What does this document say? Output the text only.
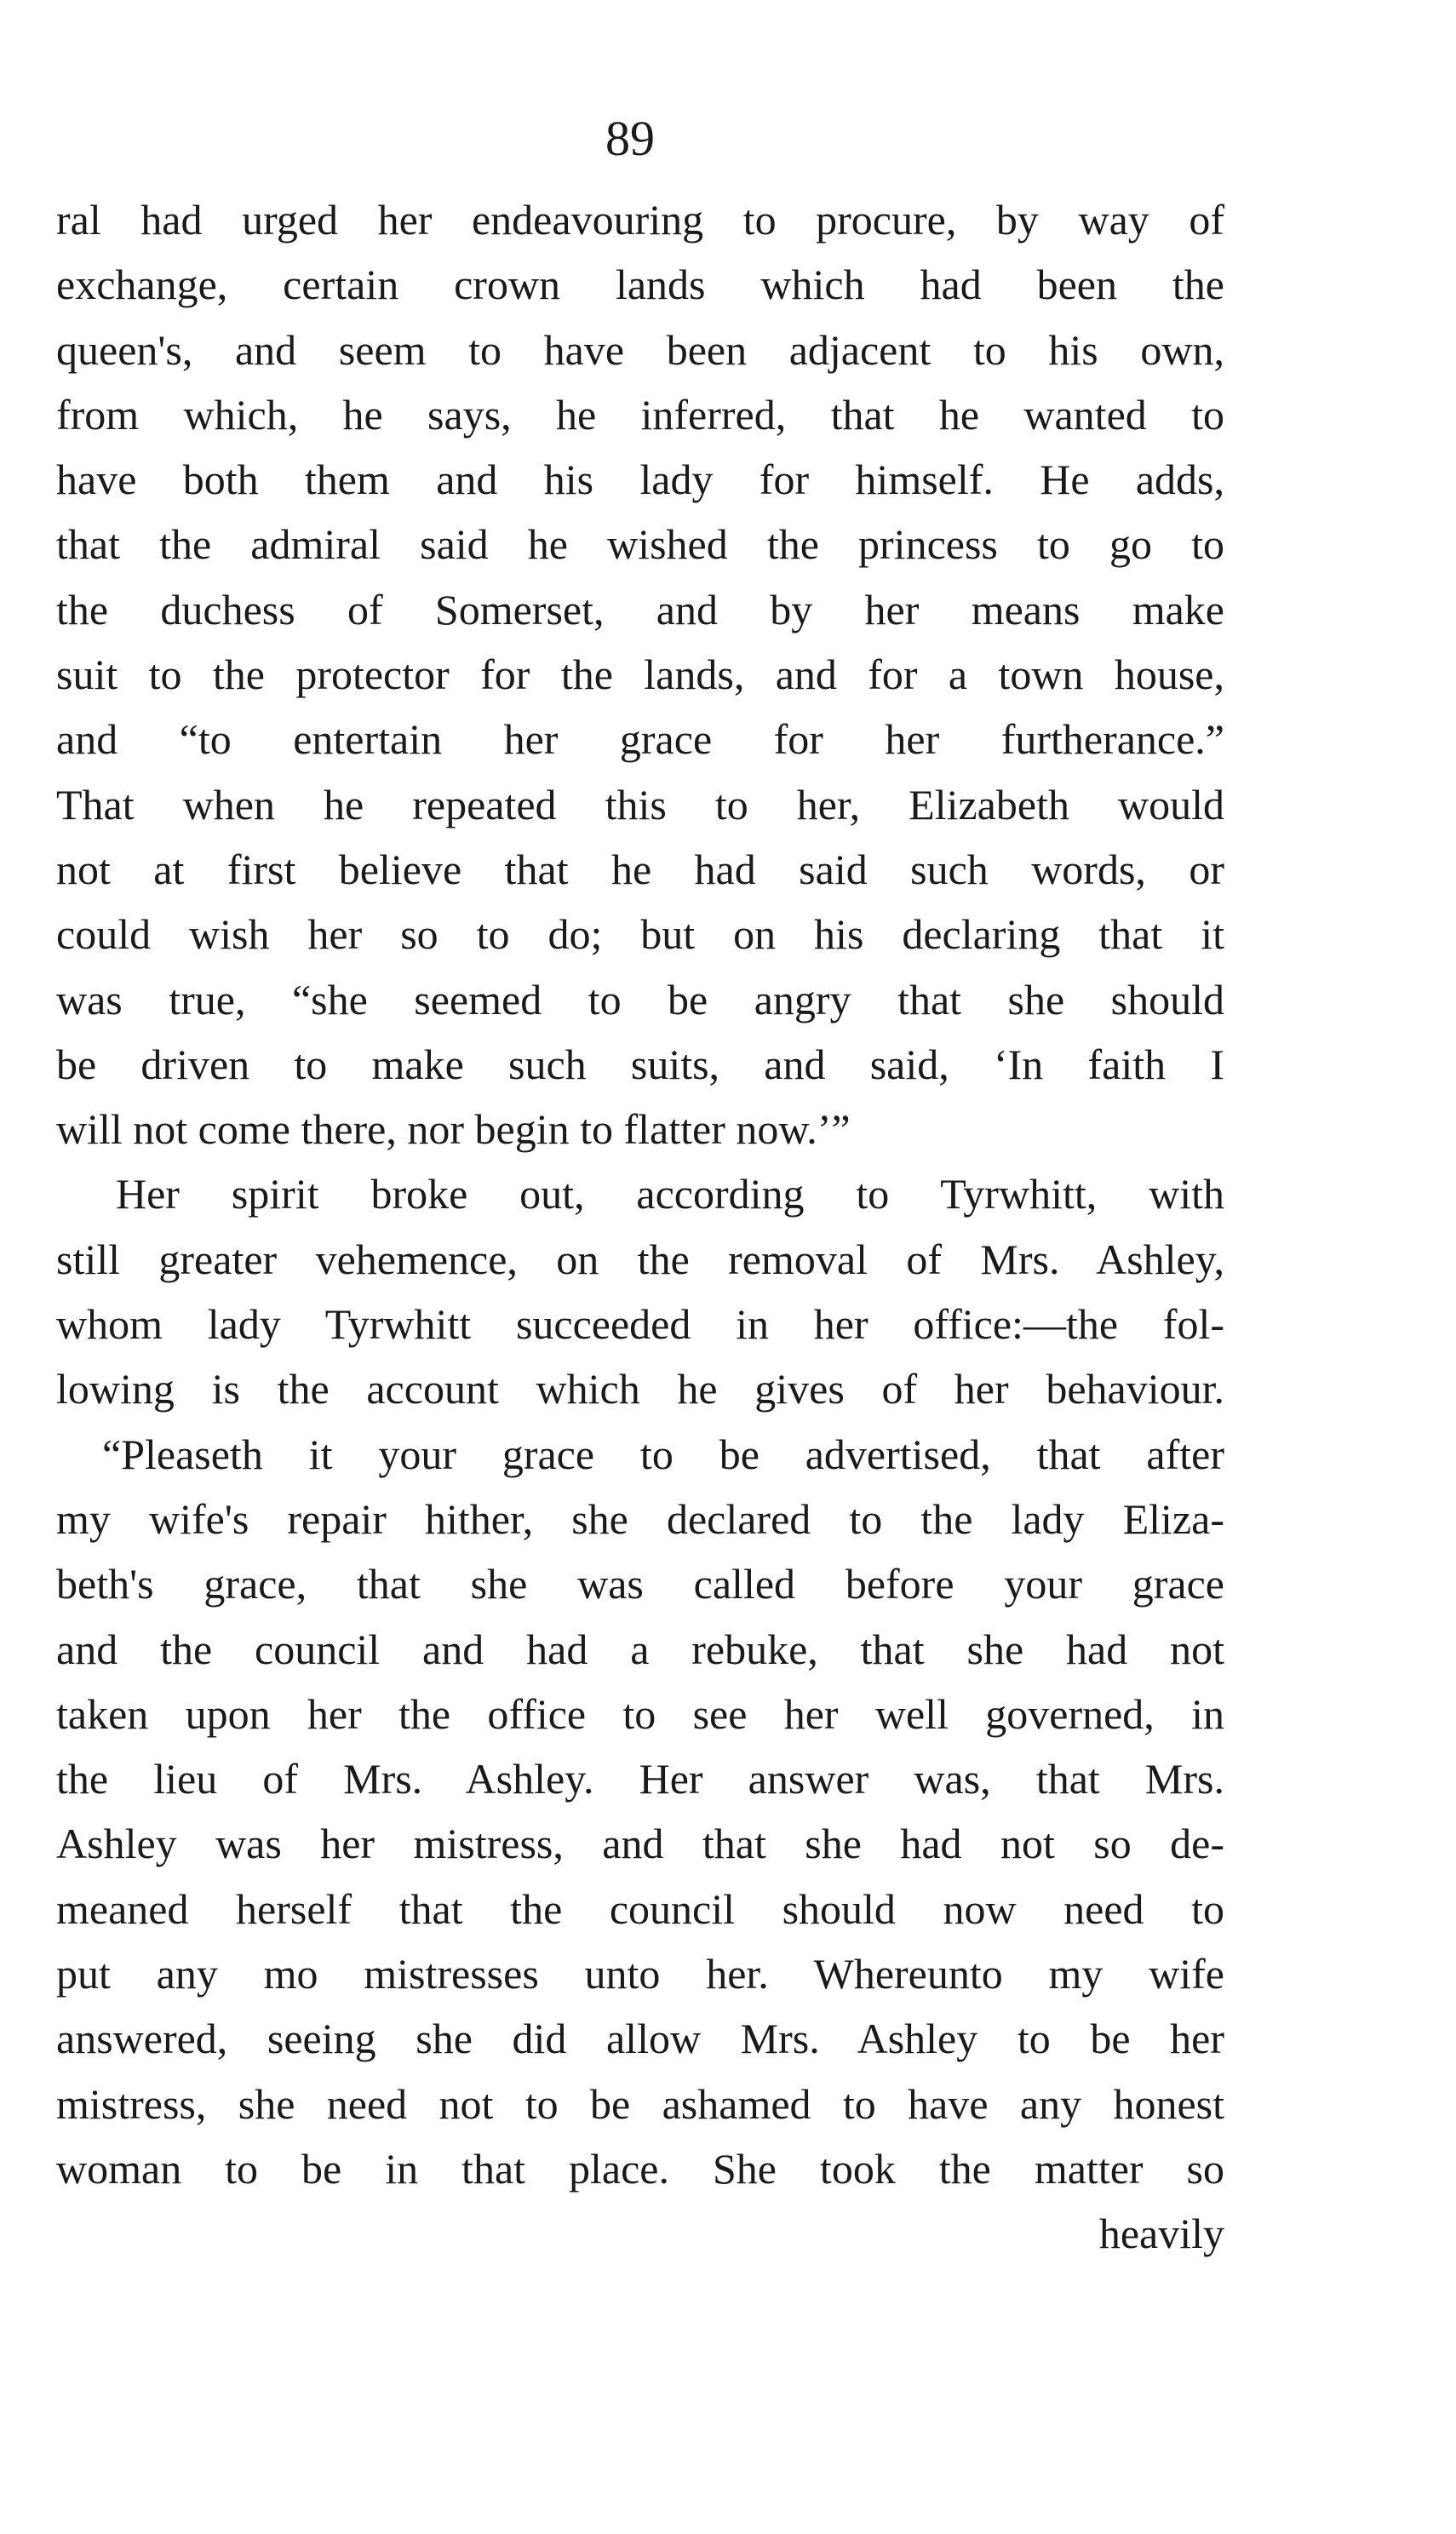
89
ral had urged her endeavouring to procure, by way of
exchange, certain crown lands which had been the
queen's, and seem to have been adjacent to his own,
from which, he says, he inferred, that he wanted to
have both them and his lady for himself. He adds,
that the admiral said he wished the princess to go to
the duchess of Somerset, and by her means make
suit to the protector for the lands, and for a town house,
and “to entertain her grace for her furtherance.”
That when he repeated this to her, Elizabeth would
not at first believe that he had said such words, or
could wish her so to do; but on his declaring that it
was true, “she seemed to be angry that she should
be driven to make such suits, and said, ‘In faith I
will not come there, nor begin to flatter now.’”
Her spirit broke out, according to Tyrwhitt, with
still greater vehemence, on the removal of Mrs. Ashley,
whom lady Tyrwhitt succeeded in her office:—the fol-
lowing is the account which he gives of her behaviour.
“Pleaseth it your grace to be advertised, that after
my wife's repair hither, she declared to the lady Eliza-
beth's grace, that she was called before your grace
and the council and had a rebuke, that she had not
taken upon her the office to see her well governed, in
the lieu of Mrs. Ashley. Her answer was, that Mrs.
Ashley was her mistress, and that she had not so de-
meaned herself that the council should now need to
put any mo mistresses unto her. Whereunto my wife
answered, seeing she did allow Mrs. Ashley to be her
mistress, she need not to be ashamed to have any honest
woman to be in that place. She took the matter so
heavily
